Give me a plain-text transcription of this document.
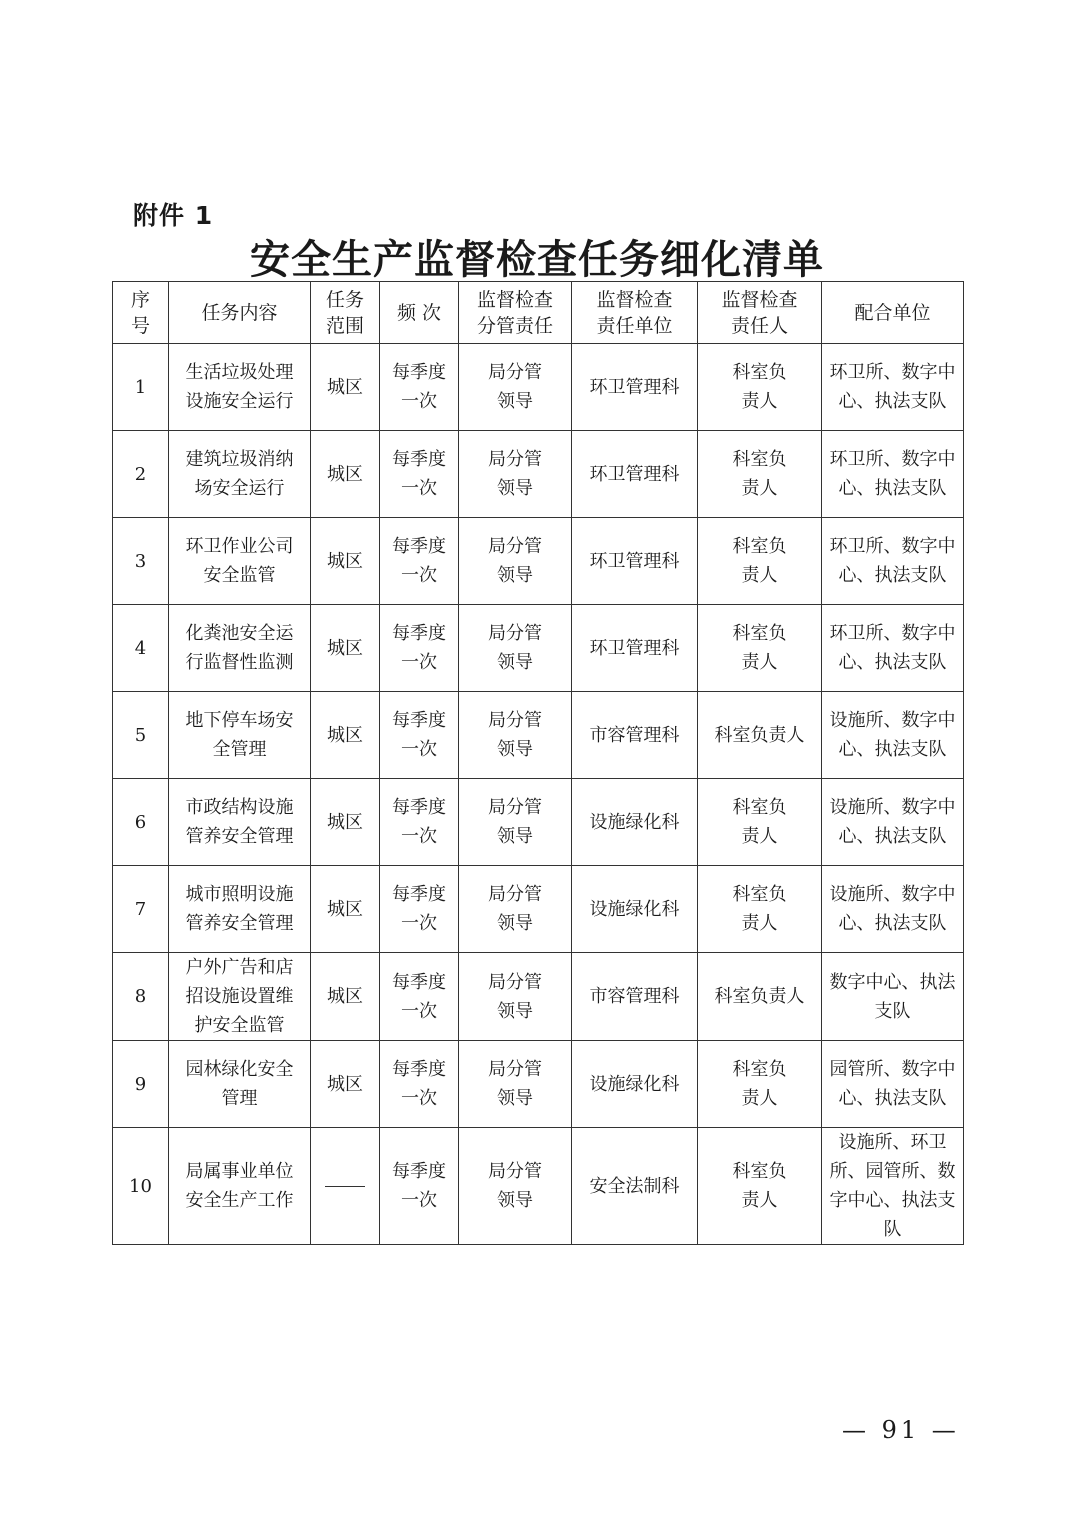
附件 1
安全生产监督检查任务细化清单
序号	任务内容	任务范围	频 次	监督检查分管责任	监督检查责任单位	监督检查责任人	配合单位
1	生活垃圾处理设施安全运行	城区	每季度一次	局分管领导	环卫管理科	科室负责人	环卫所、数字中心、执法支队
2	建筑垃圾消纳场安全运行	城区	每季度一次	局分管领导	环卫管理科	科室负责人	环卫所、数字中心、执法支队
3	环卫作业公司安全监管	城区	每季度一次	局分管领导	环卫管理科	科室负责人	环卫所、数字中心、执法支队
4	化粪池安全运行监督性监测	城区	每季度一次	局分管领导	环卫管理科	科室负责人	环卫所、数字中心、执法支队
5	地下停车场安全管理	城区	每季度一次	局分管领导	市容管理科	科室负责人	设施所、数字中心、执法支队
6	市政结构设施管养安全管理	城区	每季度一次	局分管领导	设施绿化科	科室负责人	设施所、数字中心、执法支队
7	城市照明设施管养安全管理	城区	每季度一次	局分管领导	设施绿化科	科室负责人	设施所、数字中心、执法支队
8	户外广告和店招设施设置维护安全监管	城区	每季度一次	局分管领导	市容管理科	科室负责人	数字中心、执法支队
9	园林绿化安全管理	城区	每季度一次	局分管领导	设施绿化科	科室负责人	园管所、数字中心、执法支队
10	局属事业单位安全生产工作		每季度一次	局分管领导	安全法制科	科室负责人	设施所、环卫所、园管所、数字中心、执法支队
— 91 —
